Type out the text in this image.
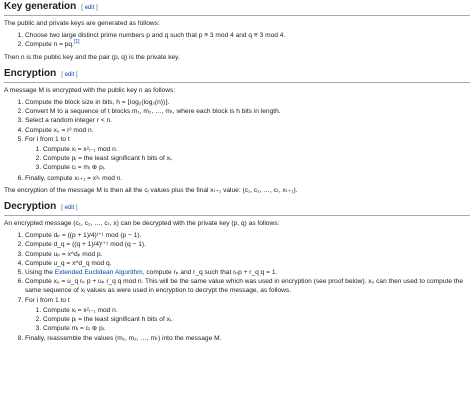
Key generation [ edit ]

The public and private keys are generated as follows:

1. Choose two large distinct prime numbers p and q such that p ≡ 3 mod 4 and q ≡ 3 mod 4.
2. Compute n = pq.[1]

Then n is the public key and the pair (p, q) is the private key.

Encryption [ edit ]

A message M is encrypted with the public key n as follows:

1. Compute the block size in bits, h = ⌊log₂(log₂(n))⌋.
2. Convert M to a sequence of t blocks m₁, m₂, …, mₜ, where each block is h bits in length.
3. Select a random integer r < n.
4. Compute x₀ = r² mod n.
5. For i from 1 to t
1. Compute xᵢ = x²ᵢ₋₁ mod n.
2. Compute pᵢ = the least significant h bits of xᵢ.
3. Compute cᵢ = mᵢ ⊕ pᵢ.
6. Finally, compute xₜ₊₁ = x²ₜ mod n.

The encryption of the message M is then all the cᵢ values plus the final xₜ₊₁ value: (c₁, c₂, …, cₜ, xₜ₊₁).

Decryption [ edit ]

An encrypted message (c₁, c₂, …, cₜ, x) can be decrypted with the private key (p, q) as follows:

1. Compute dₚ = ((p + 1)/4)ᵗ⁺¹ mod (p − 1).
2. Compute d_q = ((q + 1)/4)ᵗ⁺¹ mod (q − 1).
3. Compute uₚ = x^dₚ mod p.
4. Compute u_q = x^d_q mod q.
5. Using the Extended Euclidean Algorithm, compute rₚ and r_q such that rₚp + r_q q = 1.
6. Compute x₀ = u_q rₚ p + uₚ r_q q mod n. This will be the same value which was used in encryption (see proof below). x₀ can then used to compute the same sequence of xᵢ values as were used in encryption to decrypt the message, as follows.
7. For i from 1 to t
1. Compute xᵢ = x²ᵢ₋₁ mod n.
2. Compute pᵢ = the least significant h bits of xᵢ.
3. Compute mᵢ = cᵢ ⊕ pᵢ.
8. Finally, reassemble the values (m₁, m₂, …, mₜ) into the message M.
